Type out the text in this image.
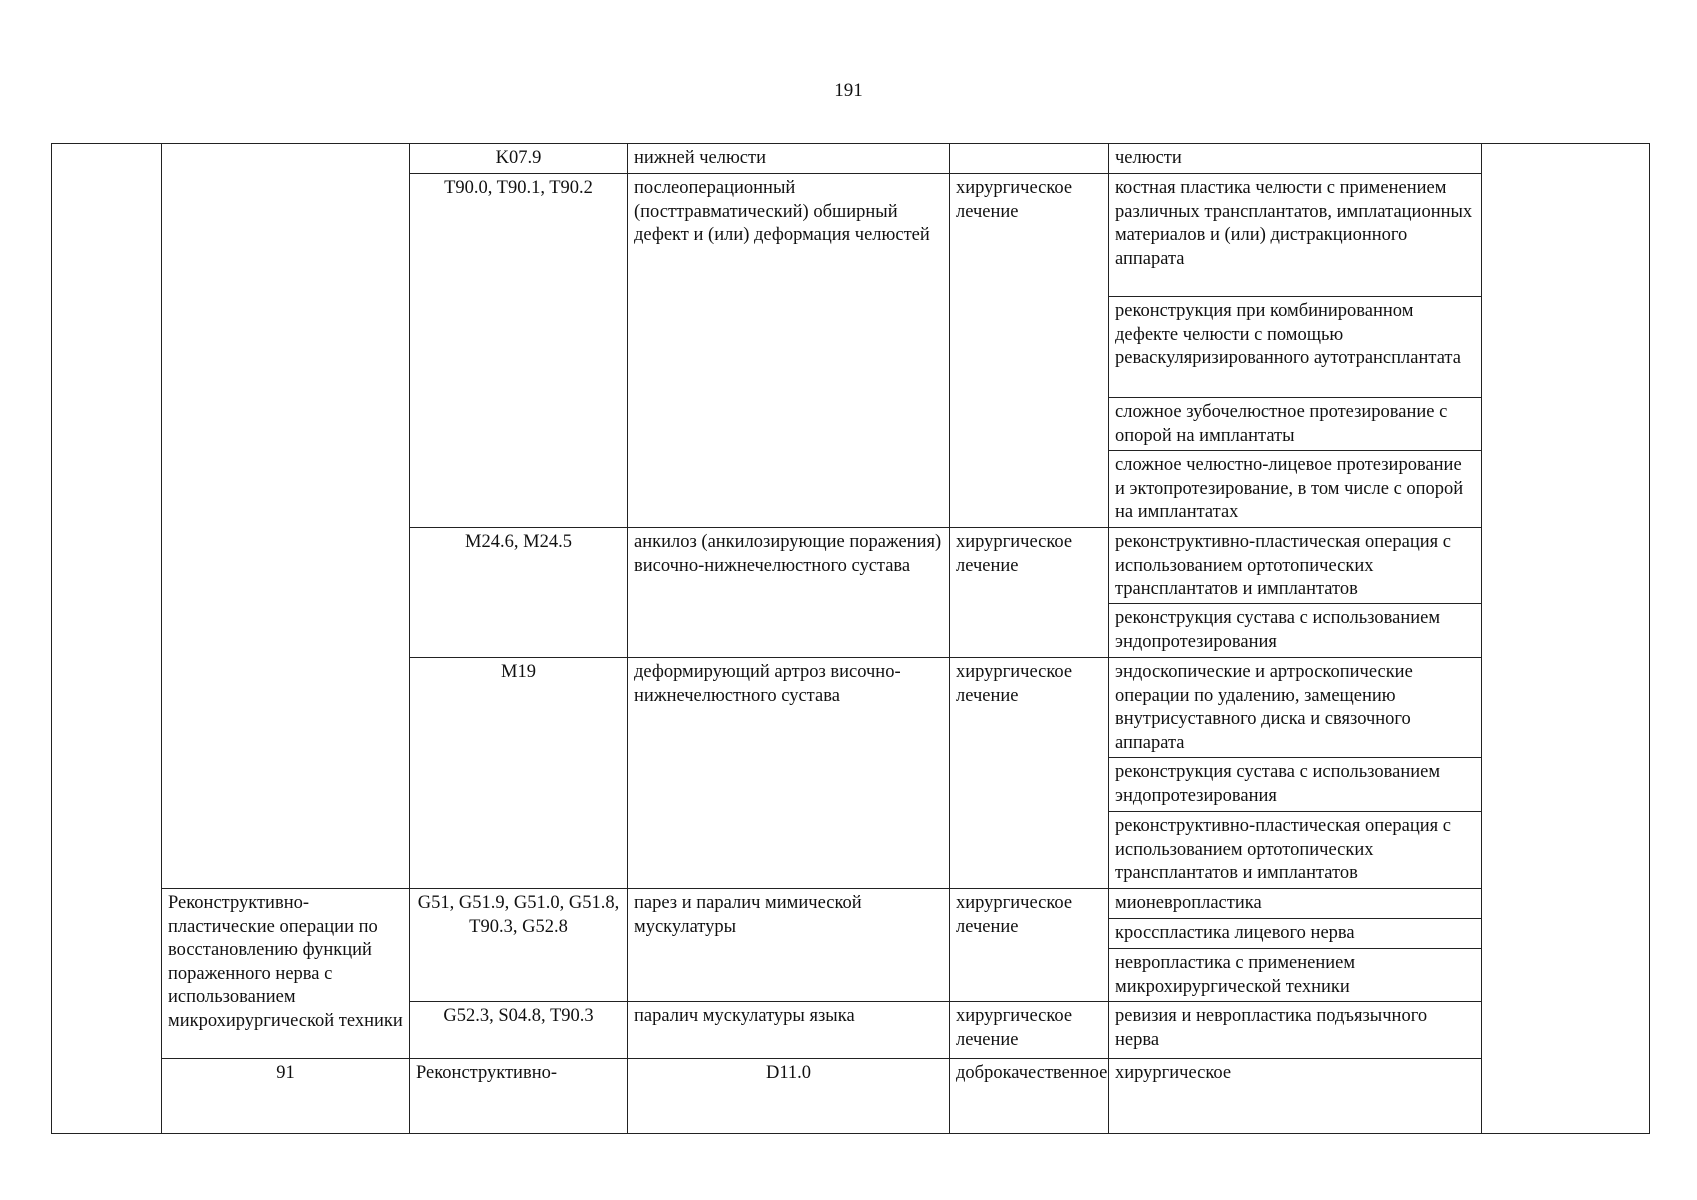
191
		K07.9	нижней челюсти		челюсти		
		T90.0, T90.1, T90.2	послеоперационный (посттравматический) обширный дефект и (или) деформация челюстей	хирургическое лечение	костная пластика челюсти с применением различных трансплантатов, имплатационных материалов и (или) дистракционного аппарата		
					реконструкция при комбинированном дефекте челюсти с помощью реваскуляризированного аутотрансплантата		
					сложное зубочелюстное протезирование с опорой на имплантаты		
					сложное челюстно-лицевое протезирование и эктопротезирование, в том числе с опорой на имплантатах		
		M24.6, M24.5	анкилоз (анкилозирующие поражения) височно-нижнечелюстного сустава	хирургическое лечение	реконструктивно-пластическая операция с использованием ортотопических трансплантатов и имплантатов		
					реконструкция сустава с использованием эндопротезирования		
		M19	деформирующий артроз височно-нижнечелюстного сустава	хирургическое лечение	эндоскопические и артроскопические операции по удалению, замещению внутрисуставного диска и связочного аппарата		
					реконструкция сустава с использованием эндопротезирования		
					реконструктивно-пластическая операция с использованием ортотопических трансплантатов и имплантатов		
	Реконструктивно-пластические операции по восстановлению функций пораженного нерва с использованием микрохирургической техники	G51, G51.9, G51.0, G51.8, T90.3, G52.8	парез и паралич мимической мускулатуры	хирургическое лечение	мионевропластика		
					кросспластика лицевого нерва		
					невропластика с применением микрохирургической техники		
		G52.3, S04.8, T90.3	паралич мускулатуры языка	хирургическое лечение	ревизия и невропластика подъязычного нерва		
	91	Реконструктивно-	D11.0	доброкачественное	хирургическое		
